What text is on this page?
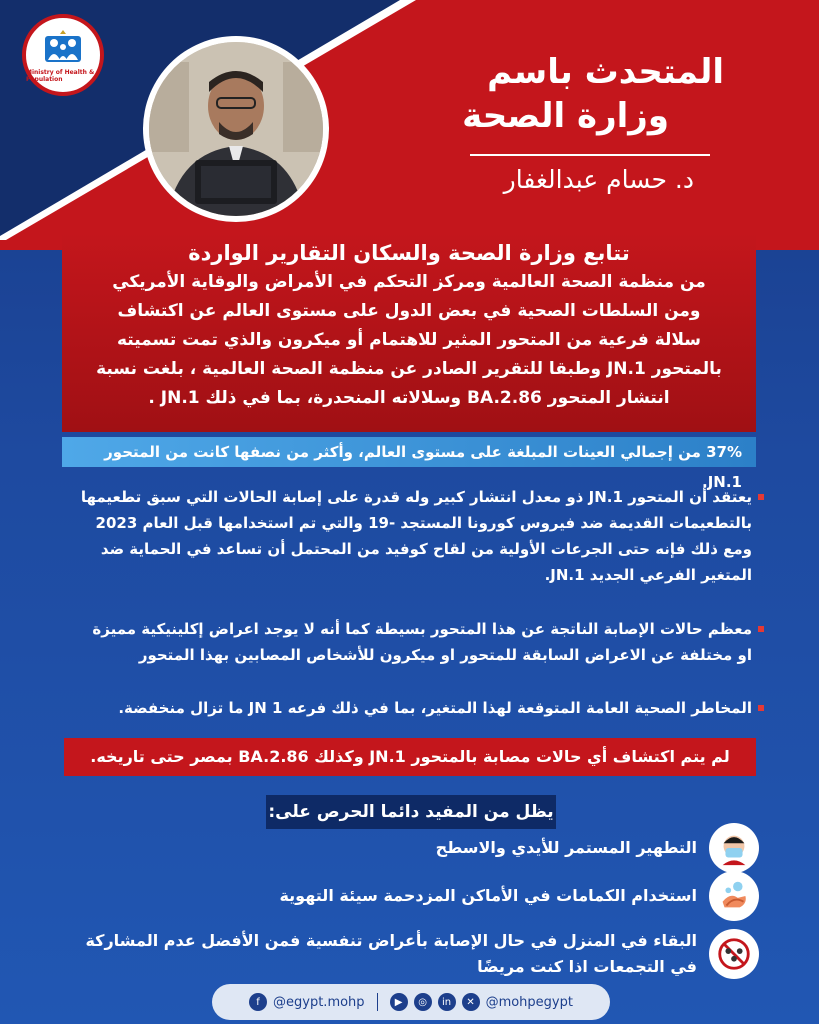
Ministry of Health & Population	المتحدث باسم
وزارة الصحة
د. حسام عبدالغفار
تتابع وزارة الصحة والسكان التقارير الواردة
من منظمة الصحة العالمية ومركز التحكم في الأمراض والوقاية الأمريكي
ومن السلطات الصحية في بعض الدول على مستوى العالم عن اكتشاف
سلالة فرعية من المتحور المثير للاهتمام أو ميكرون والذي تمت تسميته
بالمتحور JN.1 وطبقا للتقرير الصادر عن منظمة الصحة العالمية ، بلغت نسبة
انتشار المتحور BA.2.86 وسلالاته المنحدرة، بما في ذلك JN.1 .
37% من إجمالي العينات المبلغة على مستوى العالم، وأكثر من نصفها كانت من المتحور JN.1.
يعتقد أن المتحور JN.1 ذو معدل انتشار كبير وله قدرة على إصابة الحالات التي سبق تطعيمها
بالتطعيمات القديمة ضد فيروس كورونا المستجد -19 والتي تم استخدامها قبل العام 2023
ومع ذلك فإنه حتى الجرعات الأولية من لقاح كوفيد من المحتمل أن تساعد في الحماية ضد
المتغير الفرعي الجديد JN.1.
معظم حالات الإصابة الناتجة عن هذا المتحور بسيطة كما أنه لا يوجد اعراض إكلينيكية مميزة
او مختلفة عن الاعراض السابقة للمتحور او ميكرون للأشخاص المصابين بهذا المتحور
المخاطر الصحية العامة المتوقعة لهذا المتغير، بما في ذلك فرعه JN 1 ما تزال منخفضة.
لم يتم اكتشاف أي حالات مصابة بالمتحور JN.1 وكذلك BA.2.86 بمصر حتى تاريخه.
يظل من المفيد دائما الحرص على:
التطهير المستمر للأيدي والاسطح
استخدام الكمامات في الأماكن المزدحمة سيئة التهوية
البقاء في المنزل في حال الإصابة بأعراض تنفسية فمن الأفضل عدم المشاركة
في التجمعات اذا كنت مريضًا
f	@egypt.mohp	▶	◎	in	✕ @mohpegypt
